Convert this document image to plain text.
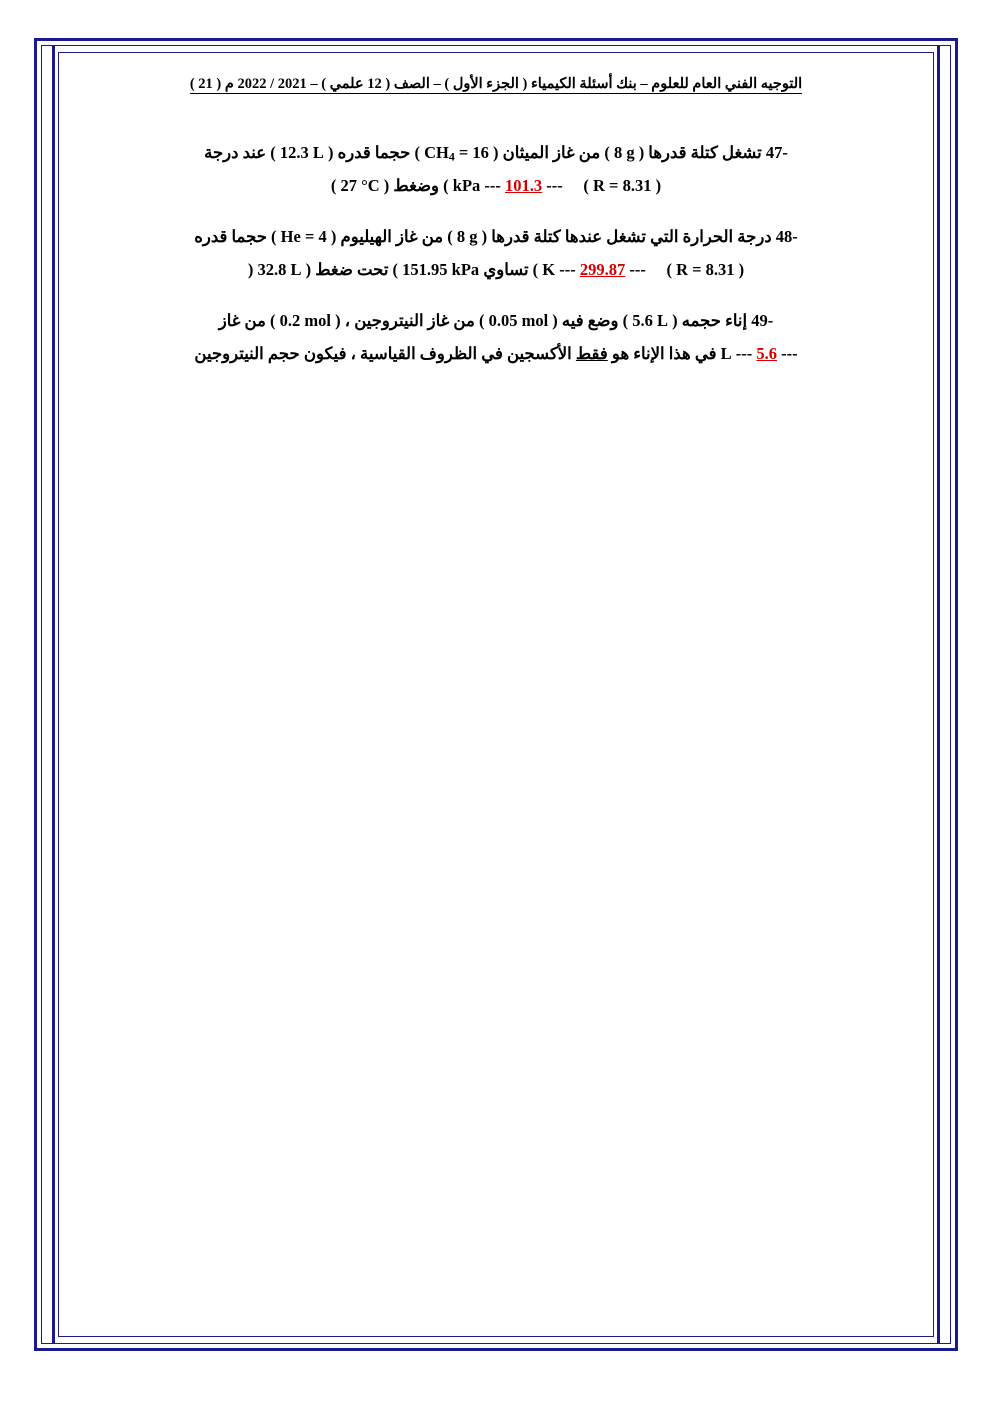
التوجيه الفني العام للعلوم – بنك أسئلة الكيمياء ( الجزء الأول ) – الصف ( 12 علمي ) – 2021 / 2022 م ( 21 )
47- تشغل كتلة قدرها ( 8 g ) من غاز الميثان ( $CH_4 = 16$ ) حجما قدره ( 12.3 L ) عند درجة
( R = 8.31 )     --- 101.3 --- kPa ) وضغط ( 27 °C )
48- درجة الحرارة التي تشغل عندها كتلة قدرها ( 8 g ) من غاز الهيليوم ( He = 4 ) حجما قدره
( R = 8.31 )     --- 299.87 --- K ) تساوي 151.95 kPa ) تحت ضغط ( 32.8 L (
49- إناء حجمه ( 5.6 L ) وضع فيه ( 0.05 mol ) من غاز النيتروجين ، ( 0.2 mol ) من غاز
--- 5.6 --- L في هذا الإناء هو فقط الأكسجين في الظروف القياسية ، فيكون حجم النيتروجين
